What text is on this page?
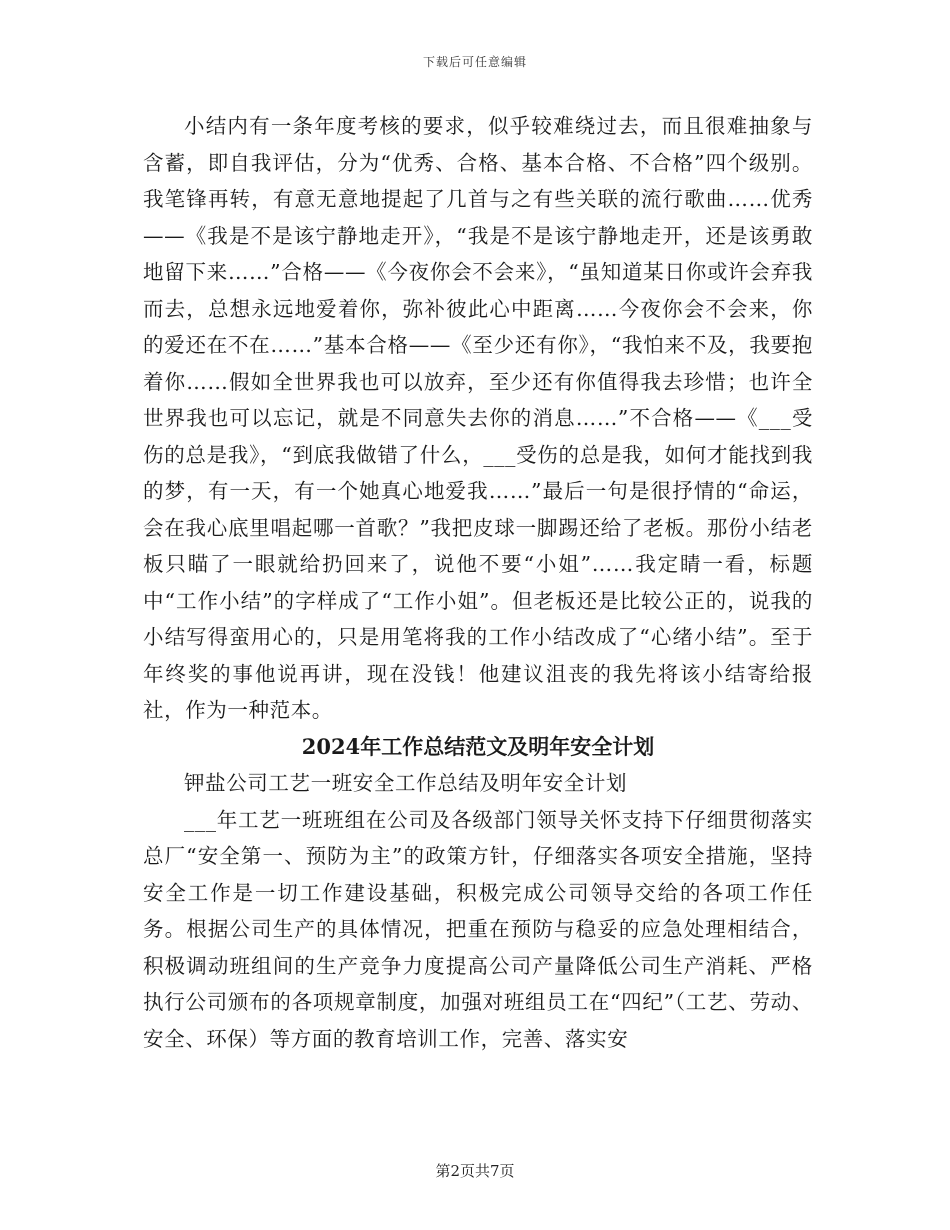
下载后可任意编辑

小结内有一条年度考核的要求，似乎较难绕过去，而且很难抽象与含蓄，即自我评估，分为“优秀、合格、基本合格、不合格”四个级别。我笔锋再转，有意无意地提起了几首与之有些关联的流行歌曲……优秀——《我是不是该宁静地走开》，“我是不是该宁静地走开，还是该勇敢地留下来……”合格——《今夜你会不会来》，“虽知道某日你或许会弃我而去，总想永远地爱着你，弥补彼此心中距离……今夜你会不会来，你的爱还在不在……”基本合格——《至少还有你》，“我怕来不及，我要抱着你……假如全世界我也可以放弃，至少还有你值得我去珍惜；也许全世界我也可以忘记，就是不同意失去你的消息……”不合格——《___受伤的总是我》，“到底我做错了什么，___受伤的总是我，如何才能找到我的梦，有一天，有一个她真心地爱我……”最后一句是很抒情的“命运，会在我心底里唱起哪一首歌？”我把皮球一脚踢还给了老板。那份小结老板只瞄了一眼就给扔回来了，说他不要“小姐”……我定睛一看，标题中“工作小结”的字样成了“工作小姐”。但老板还是比较公正的，说我的小结写得蛮用心的，只是用笔将我的工作小结改成了“心绪小结”。至于年终奖的事他说再讲，现在没钱！他建议沮丧的我先将该小结寄给报社，作为一种范本。

2024年工作总结范文及明年安全计划

钾盐公司工艺一班安全工作总结及明年安全计划

___年工艺一班班组在公司及各级部门领导关怀支持下仔细贯彻落实总厂“安全第一、预防为主”的政策方针，仔细落实各项安全措施，坚持安全工作是一切工作建设基础，积极完成公司领导交给的各项工作任务。根据公司生产的具体情况，把重在预防与稳妥的应急处理相结合，积极调动班组间的生产竞争力度提高公司产量降低公司生产消耗、严格执行公司颁布的各项规章制度，加强对班组员工在“四纪”（工艺、劳动、安全、环保）等方面的教育培训工作，完善、落实安

第2页共7页
